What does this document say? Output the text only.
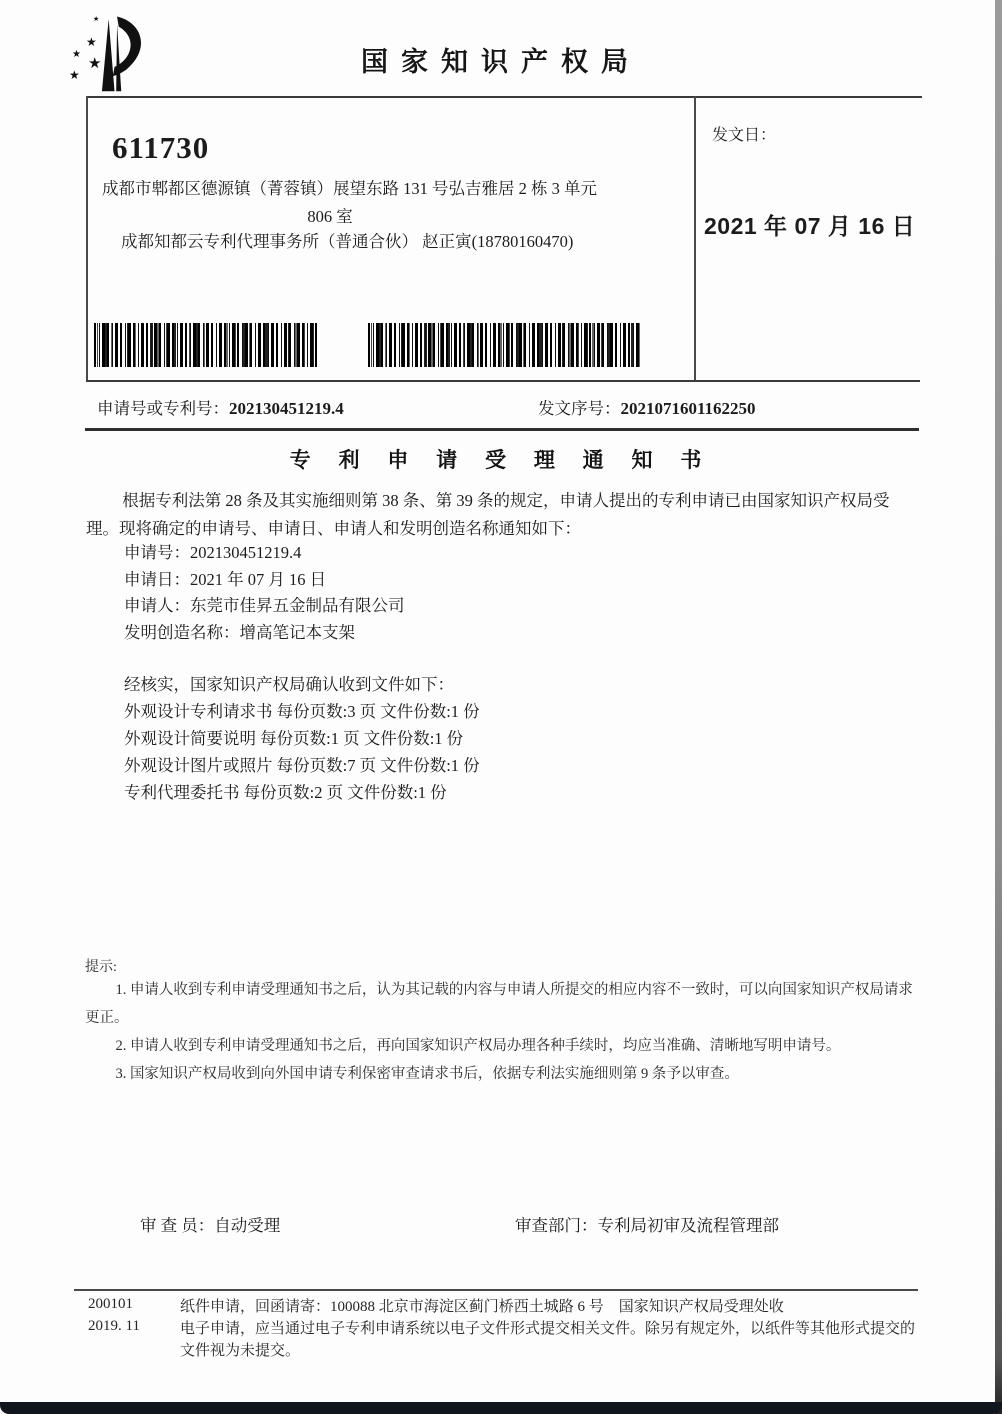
★
★
★ ★
★	国家知识产权局
611730
成都市郫都区德源镇（菁蓉镇）展望东路 131 号弘吉雅居 2 栋 3 单元
806 室
成都知都云专利代理事务所（普通合伙） 赵正寅(18780160470)
发文日：
2021 年 07 月 16 日
申请号或专利号：202130451219.4	发文序号：2021071601162250
专 利 申 请 受 理 通 知 书
根据专利法第 28 条及其实施细则第 38 条、第 39 条的规定，申请人提出的专利申请已由国家知识产权局受理。现将确定的申请号、申请日、申请人和发明创造名称通知如下：
申请号：202130451219.4
申请日：2021 年 07 月 16 日
申请人：东莞市佳昇五金制品有限公司
发明创造名称：增高笔记本支架
经核实，国家知识产权局确认收到文件如下：
外观设计专利请求书 每份页数:3 页 文件份数:1 份
外观设计简要说明 每份页数:1 页 文件份数:1 份
外观设计图片或照片 每份页数:7 页 文件份数:1 份
专利代理委托书 每份页数:2 页 文件份数:1 份
提示:
1. 申请人收到专利申请受理通知书之后，认为其记载的内容与申请人所提交的相应内容不一致时，可以向国家知识产权局请求更正。
2. 申请人收到专利申请受理通知书之后，再向国家知识产权局办理各种手续时，均应当准确、清晰地写明申请号。
3. 国家知识产权局收到向外国申请专利保密审查请求书后，依据专利法实施细则第 9 条予以审查。
审 查 员：自动受理	审查部门：专利局初审及流程管理部
200101	纸件申请，回函请寄：100088 北京市海淀区蓟门桥西土城路 6 号　国家知识产权局受理处收
2019. 11	电子申请，应当通过电子专利申请系统以电子文件形式提交相关文件。除另有规定外，以纸件等其他形式提交的文件视为未提交。
